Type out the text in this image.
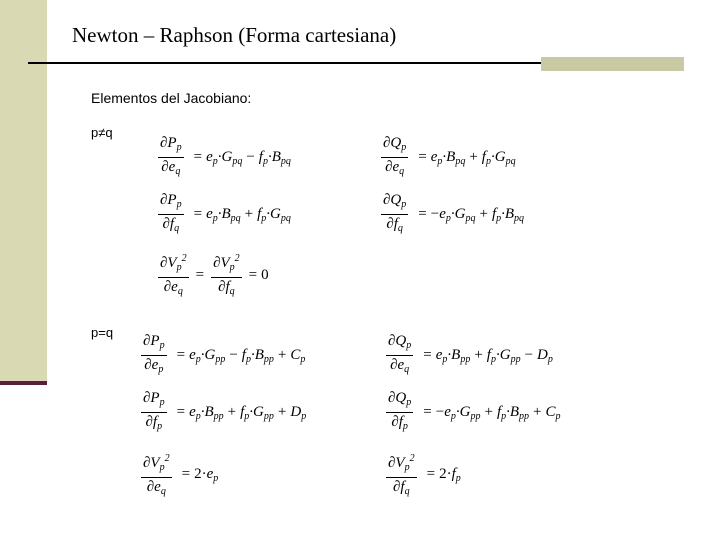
Newton – Raphson (Forma cartesiana)
Elementos del Jacobiano:
p≠q
p=q
$\frac{\partial P_p}{\partial e_q} = e_p\cdot G_{pq} - f_p\cdot B_{pq}$	$\frac{\partial Q_p}{\partial e_q} = e_p\cdot B_{pq} + f_p\cdot G_{pq}$
$\frac{\partial P_p}{\partial f_q} = e_p\cdot B_{pq} + f_p\cdot G_{pq}$	$\frac{\partial Q_p}{\partial f_q} = -e_p\cdot G_{pq} + f_p\cdot B_{pq}$
$\frac{\partial V_p^2}{\partial e_q} = \frac{\partial V_p^2}{\partial f_q} = 0$
$\frac{\partial P_p}{\partial e_p} = e_p\cdot G_{pp} - f_p\cdot B_{pp} + C_p$	$\frac{\partial Q_p}{\partial e_q} = e_p\cdot B_{pp} + f_p\cdot G_{pp} - D_p$
$\frac{\partial P_p}{\partial f_p} = e_p\cdot B_{pp} + f_p\cdot G_{pp} + D_p$	$\frac{\partial Q_p}{\partial f_p} = -e_p\cdot G_{pp} + f_p\cdot B_{pp} + C_p$
$\frac{\partial V_p^2}{\partial e_q} = 2\cdot e_p$	$\frac{\partial V_p^2}{\partial f_q} = 2\cdot f_p$
